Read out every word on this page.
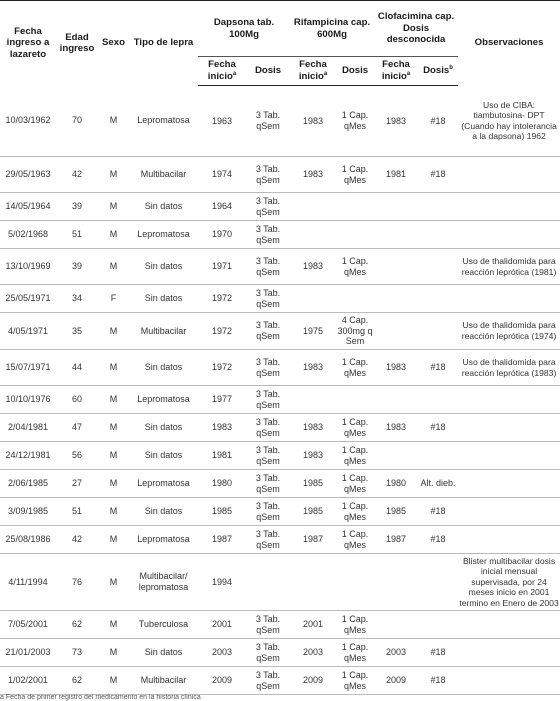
Fecha ingreso a lazareto	Edad ingreso	Sexo	Tipo de lepra	Dapsona tab. 100Mg		Rifampicina cap. 600Mg		Clofacimina cap. Dosis desconocida		Observaciones
				Fecha inicio$^a$	Dosis	Fecha inicio$^a$	Dosis	Fecha inicio$^a$	Dosis$^b$
10/03/1962	70	M	Lepromatosa	1963	3 Tab. qSem	1983	1 Cap. qMes	1983	#18	Uso de CIBA: tiambutosina- DPT (Cuando hay intolerancia a la dapsona) 1962
29/05/1963	42	M	Multibacilar	1974	3 Tab. qSem	1983	1 Cap. qMes	1981	#18	
14/05/1964	39	M	Sin datos	1964	3 Tab. qSem					
5/02/1968	51	M	Lepromatosa	1970	3 Tab. qSem					
13/10/1969	39	M	Sin datos	1971	3 Tab. qSem	1983	1 Cap. qMes			Uso de thalidomida para reacción leprótica (1981)
25/05/1971	34	F	Sin datos	1972	3 Tab. qSem					
4/05/1971	35	M	Multibacilar	1972	3 Tab. qSem	1975	4 Cap. 300mg q Sem			Uso de thalidomida para reacción leprótica (1974)
15/07/1971	44	M	Sin datos	1972	3 Tab. qSem	1983	1 Cap. qMes	1983	#18	Uso de thalidomida para reacción leprótica (1983)
10/10/1976	60	M	Lepromatosa	1977	3 Tab. qSem					
2/04/1981	47	M	Sin datos	1983	3 Tab. qSem	1983	1 Cap. qMes	1983	#18	
24/12/1981	56	M	Sin datos	1981	3 Tab. qSem	1983	1 Cap. qMes			
2/06/1985	27	M	Lepromatosa	1980	3 Tab. qSem	1985	1 Cap. qMes	1980	Alt. dieb.	
3/09/1985	51	M	Sin datos	1985	3 Tab. qSem	1985	1 Cap. qMes	1985	#18	
25/08/1986	42	M	Lepromatosa	1987	3 Tab. qSem	1987	1 Cap. qMes	1987	#18	
4/11/1994	76	M	Multibacilar/ lepromatosa	1994						Blister multibacilar dosis inicial mensual supervisada, por 24 meses inicio en 2001 termino en Enero de 2003
7/05/2001	62	M	Tuberculosa	2001	3 Tab. qSem	2001	1 Cap. qMes			
21/01/2003	73	M	Sin datos	2003	3 Tab. qSem	2003	1 Cap. qMes	2003	#18	
1/02/2001	62	M	Multibacilar	2009	3 Tab. qSem	2009	1 Cap. qMes	2009	#18	
a Fecha de primer registro del medicamento en la historia clínica
